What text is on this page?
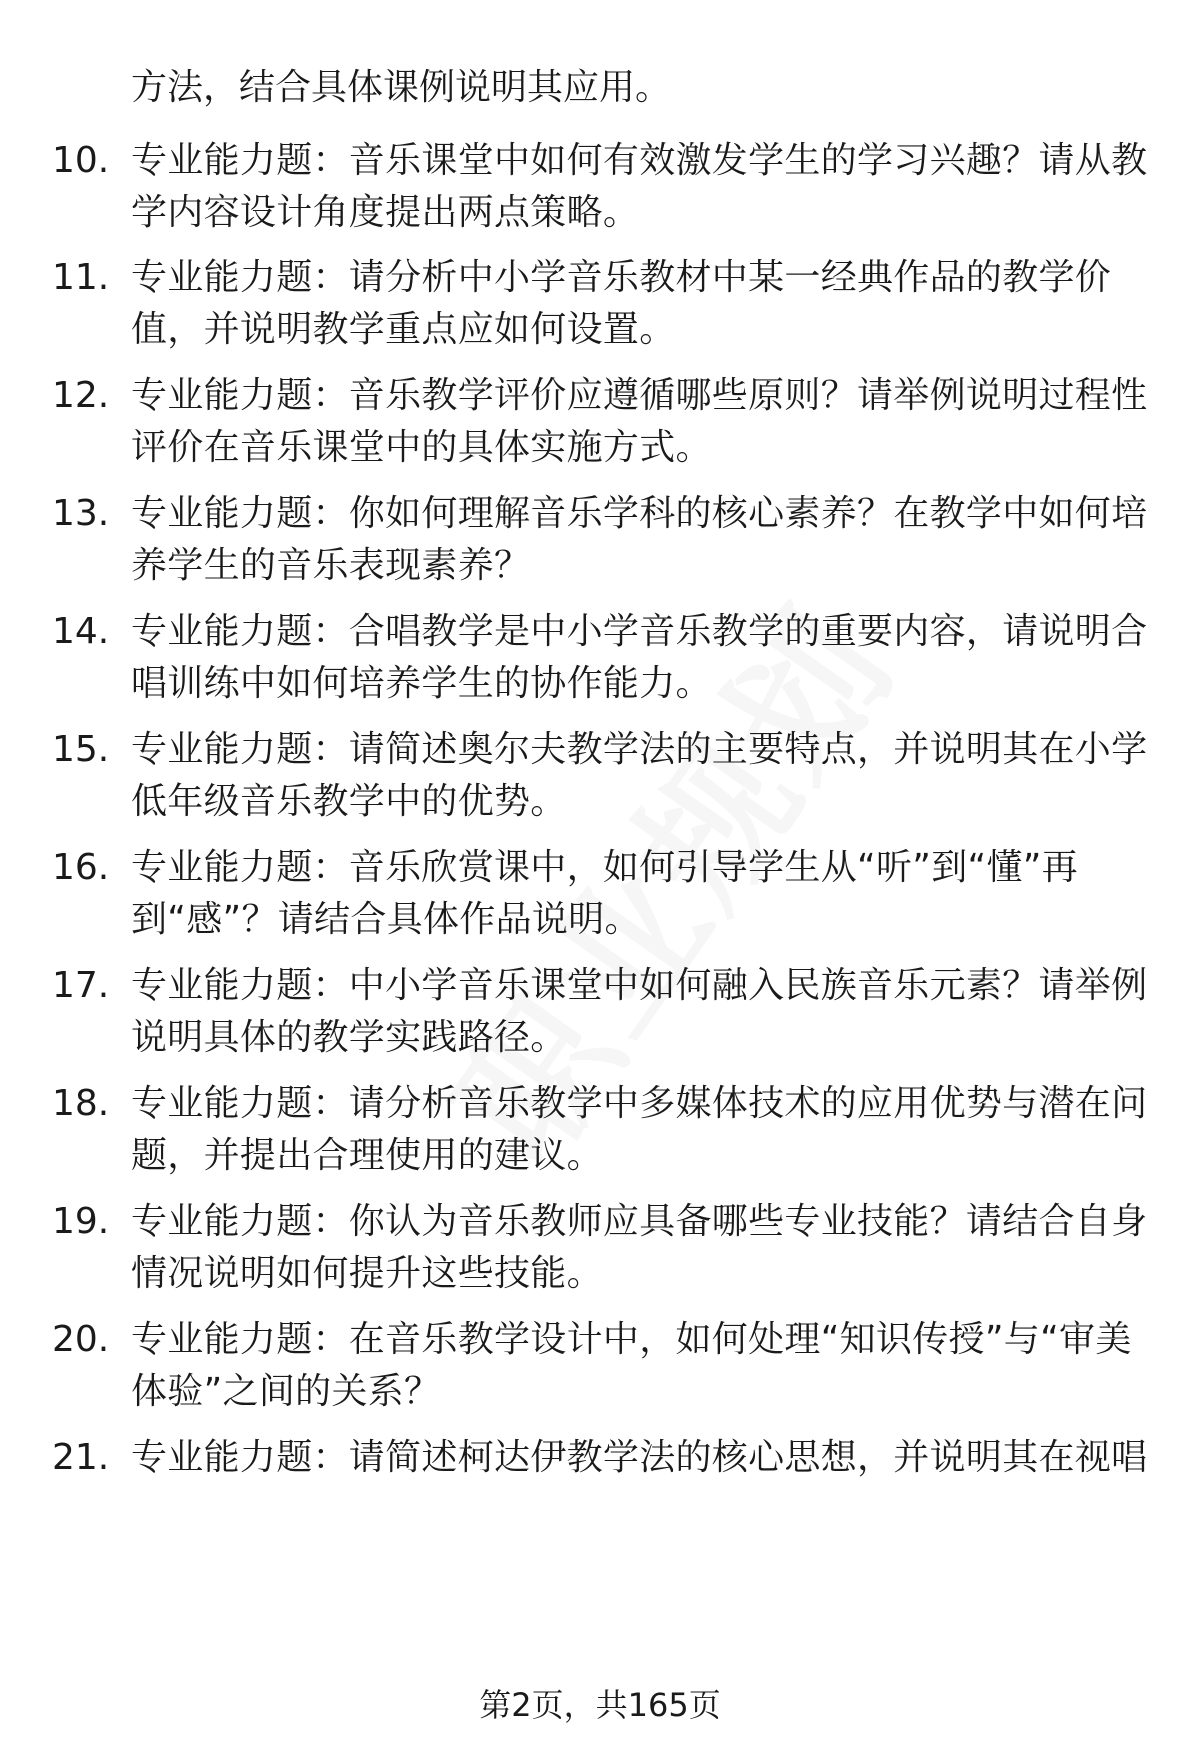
方法，结合具体课例说明其应用。

10. 专业能力题：音乐课堂中如何有效激发学生的学习兴趣？请从教学内容设计角度提出两点策略。

11. 专业能力题：请分析中小学音乐教材中某一经典作品的教学价值，并说明教学重点应如何设置。

12. 专业能力题：音乐教学评价应遵循哪些原则？请举例说明过程性评价在音乐课堂中的具体实施方式。

13. 专业能力题：你如何理解音乐学科的核心素养？在教学中如何培养学生的音乐表现素养？

14. 专业能力题：合唱教学是中小学音乐教学的重要内容，请说明合唱训练中如何培养学生的协作能力。

15. 专业能力题：请简述奥尔夫教学法的主要特点，并说明其在小学低年级音乐教学中的优势。

16. 专业能力题：音乐欣赏课中，如何引导学生从“听”到“懂”再到“感”？请结合具体作品说明。

17. 专业能力题：中小学音乐课堂中如何融入民族音乐元素？请举例说明具体的教学实践路径。

18. 专业能力题：请分析音乐教学中多媒体技术的应用优势与潜在问题，并提出合理使用的建议。

19. 专业能力题：你认为音乐教师应具备哪些专业技能？请结合自身情况说明如何提升这些技能。

20. 专业能力题：在音乐教学设计中，如何处理“知识传授”与“审美体验”之间的关系？

21. 专业能力题：请简述柯达伊教学法的核心思想，并说明其在视唱

第2页，共165页
